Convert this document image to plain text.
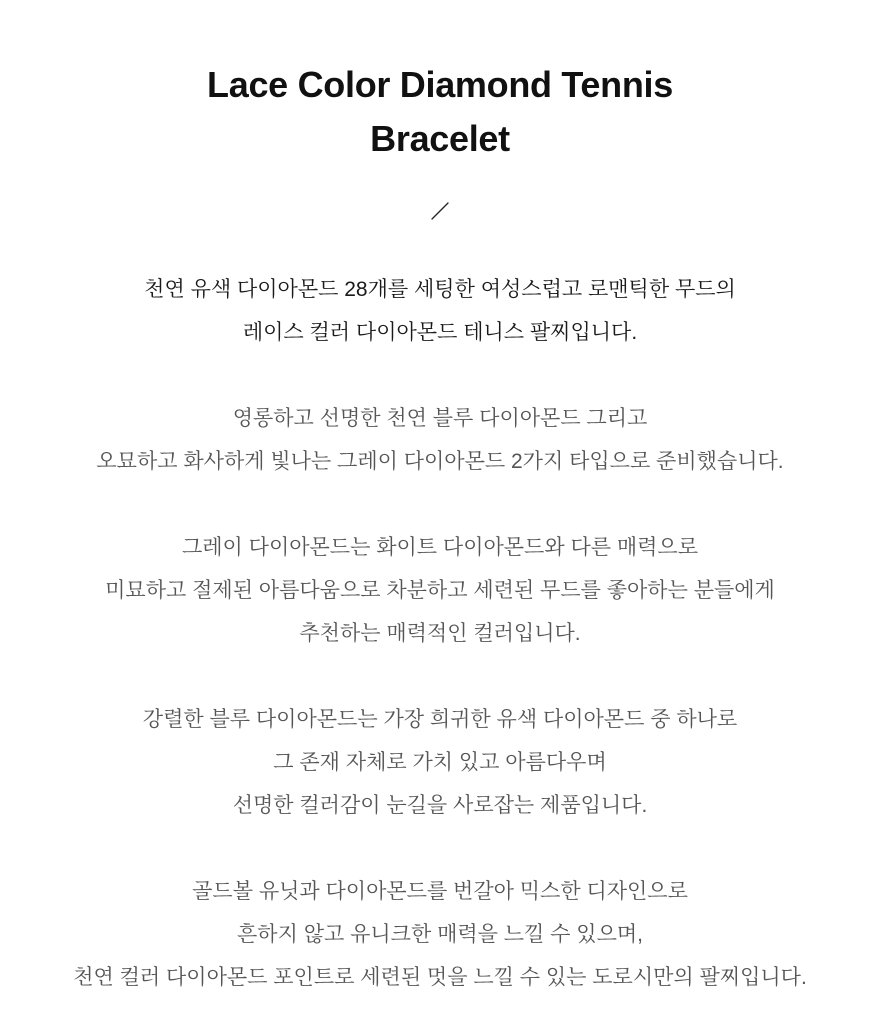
Lace Color Diamond Tennis
Bracelet
천연 유색 다이아몬드 28개를 세팅한 여성스럽고 로맨틱한 무드의
레이스 컬러 다이아몬드 테니스 팔찌입니다.
영롱하고 선명한 천연 블루 다이아몬드 그리고
오묘하고 화사하게 빛나는 그레이 다이아몬드 2가지 타입으로 준비했습니다.
그레이 다이아몬드는 화이트 다이아몬드와 다른 매력으로
미묘하고 절제된 아름다움으로 차분하고 세련된 무드를 좋아하는 분들에게
추천하는 매력적인 컬러입니다.
강렬한 블루 다이아몬드는 가장 희귀한 유색 다이아몬드 중 하나로
그 존재 자체로 가치 있고 아름다우며
선명한 컬러감이 눈길을 사로잡는 제품입니다.
골드볼 유닛과 다이아몬드를 번갈아 믹스한 디자인으로
흔하지 않고 유니크한 매력을 느낄 수 있으며,
천연 컬러 다이아몬드 포인트로 세련된 멋을 느낄 수 있는 도로시만의 팔찌입니다.
